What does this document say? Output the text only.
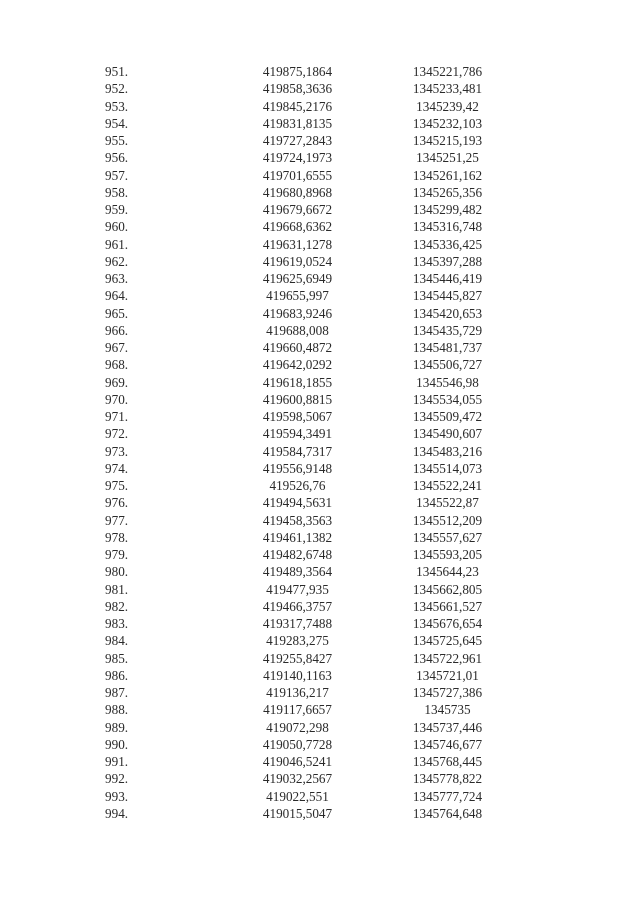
951.	419875,1864	1345221,786
952.	419858,3636	1345233,481
953.	419845,2176	1345239,42
954.	419831,8135	1345232,103
955.	419727,2843	1345215,193
956.	419724,1973	1345251,25
957.	419701,6555	1345261,162
958.	419680,8968	1345265,356
959.	419679,6672	1345299,482
960.	419668,6362	1345316,748
961.	419631,1278	1345336,425
962.	419619,0524	1345397,288
963.	419625,6949	1345446,419
964.	419655,997	1345445,827
965.	419683,9246	1345420,653
966.	419688,008	1345435,729
967.	419660,4872	1345481,737
968.	419642,0292	1345506,727
969.	419618,1855	1345546,98
970.	419600,8815	1345534,055
971.	419598,5067	1345509,472
972.	419594,3491	1345490,607
973.	419584,7317	1345483,216
974.	419556,9148	1345514,073
975.	419526,76	1345522,241
976.	419494,5631	1345522,87
977.	419458,3563	1345512,209
978.	419461,1382	1345557,627
979.	419482,6748	1345593,205
980.	419489,3564	1345644,23
981.	419477,935	1345662,805
982.	419466,3757	1345661,527
983.	419317,7488	1345676,654
984.	419283,275	1345725,645
985.	419255,8427	1345722,961
986.	419140,1163	1345721,01
987.	419136,217	1345727,386
988.	419117,6657	1345735
989.	419072,298	1345737,446
990.	419050,7728	1345746,677
991.	419046,5241	1345768,445
992.	419032,2567	1345778,822
993.	419022,551	1345777,724
994.	419015,5047	1345764,648
